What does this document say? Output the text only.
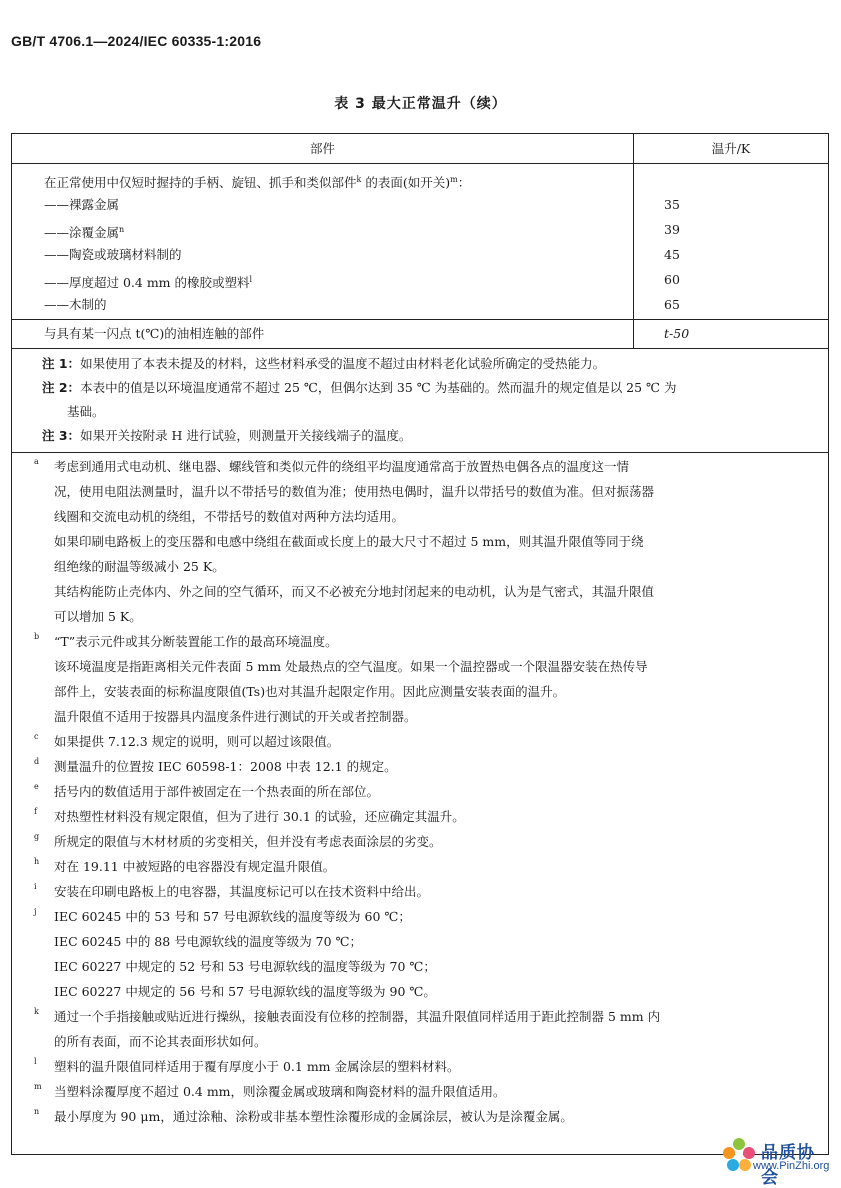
GB/T 4706.1—2024/IEC 60335-1:2016
表 3 最大正常温升（续）
部件	温升/K
在正常使用中仅短时握持的手柄、旋钮、抓手和类似部件$^k$ 的表面(如开关)$^m$：
——裸露金属	35
——涂覆金属$^n$	39
——陶瓷或玻璃材料制的	45
——厚度超过 0.4 mm 的橡胶或塑料$^l$	60
——木制的	65
与具有某一闪点 t(℃)的油相连触的部件	t-50
注 1：如果使用了本表未提及的材料，这些材料承受的温度不超过由材料老化试验所确定的受热能力。
注 2：本表中的值是以环境温度通常不超过 25 ℃，但偶尔达到 35 ℃ 为基础的。然而温升的规定值是以 25 ℃ 为
基础。
注 3：如果开关按附录 H 进行试验，则测量开关接线端子的温度。
a	考虑到通用式电动机、继电器、螺线管和类似元件的绕组平均温度通常高于放置热电偶各点的温度这一情
况，使用电阻法测量时，温升以不带括号的数值为准；使用热电偶时，温升以带括号的数值为准。但对振荡器
线圈和交流电动机的绕组，不带括号的数值对两种方法均适用。
如果印刷电路板上的变压器和电感中绕组在截面或长度上的最大尺寸不超过 5 mm，则其温升限值等同于绕
组绝缘的耐温等级减小 25 K。
其结构能防止壳体内、外之间的空气循环，而又不必被充分地封闭起来的电动机，认为是气密式，其温升限值
可以增加 5 K。
b	“T”表示元件或其分断装置能工作的最高环境温度。
该环境温度是指距离相关元件表面 5 mm 处最热点的空气温度。如果一个温控器或一个限温器安装在热传导
部件上，安装表面的标称温度限值(Ts)也对其温升起限定作用。因此应测量安装表面的温升。
温升限值不适用于按器具内温度条件进行测试的开关或者控制器。
c	如果提供 7.12.3 规定的说明，则可以超过该限值。
d	测量温升的位置按 IEC 60598-1：2008 中表 12.1 的规定。
e	括号内的数值适用于部件被固定在一个热表面的所在部位。
f	对热塑性材料没有规定限值，但为了进行 30.1 的试验，还应确定其温升。
g	所规定的限值与木材材质的劣变相关，但并没有考虑表面涂层的劣变。
h	对在 19.11 中被短路的电容器没有规定温升限值。
i	安装在印刷电路板上的电容器，其温度标记可以在技术资料中给出。
j	IEC 60245 中的 53 号和 57 号电源软线的温度等级为 60 ℃；
IEC 60245 中的 88 号电源软线的温度等级为 70 ℃；
IEC 60227 中规定的 52 号和 53 号电源软线的温度等级为 70 ℃；
IEC 60227 中规定的 56 号和 57 号电源软线的温度等级为 90 ℃。
k	通过一个手指接触或贴近进行操纵，接触表面没有位移的控制器，其温升限值同样适用于距此控制器 5 mm 内
的所有表面，而不论其表面形状如何。
l	塑料的温升限值同样适用于覆有厚度小于 0.1 mm 金属涂层的塑料材料。
m 当塑料涂覆厚度不超过 0.4 mm，则涂覆金属或玻璃和陶瓷材料的温升限值适用。
n	最小厚度为 90 μm，通过涂釉、涂粉或非基本塑性涂覆形成的金属涂层，被认为是涂覆金属。
品质协会
www.PinZhi.org
